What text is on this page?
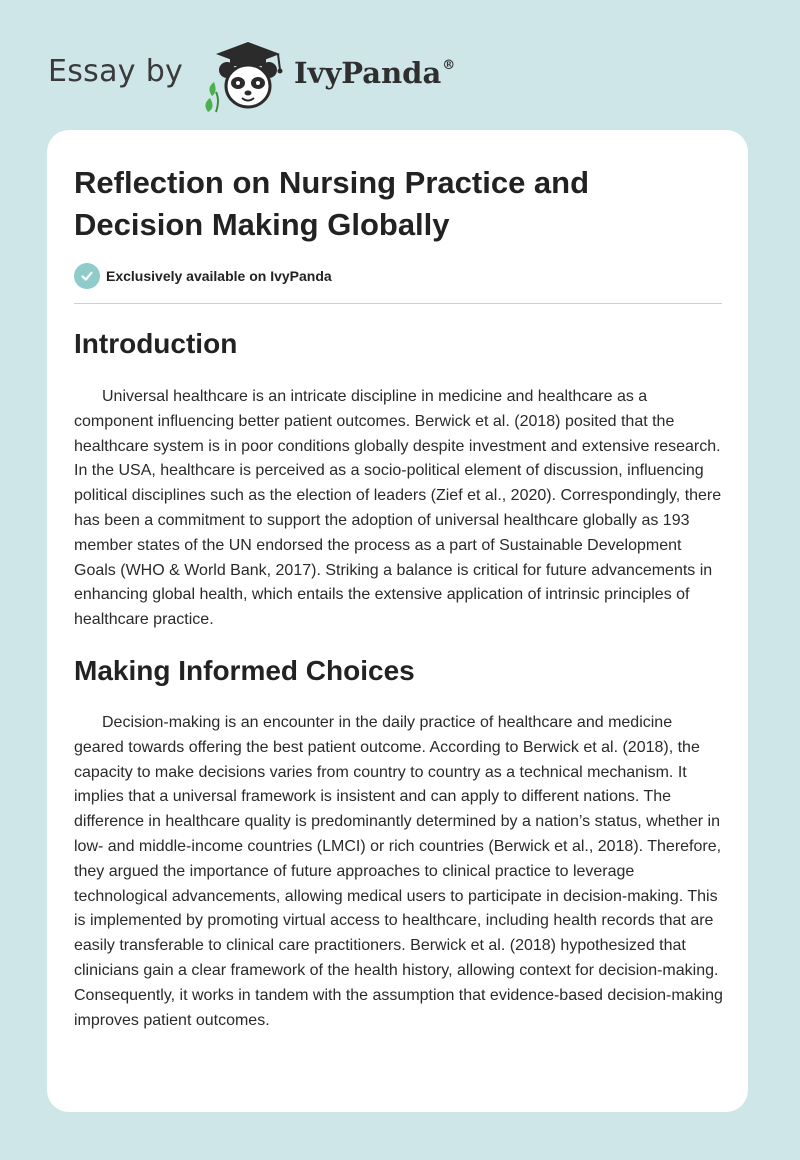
Essay by	IvyPanda®
Reflection on Nursing Practice and Decision Making Globally
Exclusively available on IvyPanda
Introduction

Universal healthcare is an intricate discipline in medicine and healthcare as a component influencing better patient outcomes. Berwick et al. (2018) posited that the healthcare system is in poor conditions globally despite investment and extensive research. In the USA, healthcare is perceived as a socio-political element of discussion, influencing political disciplines such as the election of leaders (Zief et al., 2020). Correspondingly, there has been a commitment to support the adoption of universal healthcare globally as 193 member states of the UN endorsed the process as a part of Sustainable Development Goals (WHO & World Bank, 2017). Striking a balance is critical for future advancements in enhancing global health, which entails the extensive application of intrinsic principles of healthcare practice.

Making Informed Choices

Decision-making is an encounter in the daily practice of healthcare and medicine geared towards offering the best patient outcome. According to Berwick et al. (2018), the capacity to make decisions varies from country to country as a technical mechanism. It implies that a universal framework is insistent and can apply to different nations. The difference in healthcare quality is predominantly determined by a nation’s status, whether in low- and middle-income countries (LMCI) or rich countries (Berwick et al., 2018). Therefore, they argued the importance of future approaches to clinical practice to leverage technological advancements, allowing medical users to participate in decision-making. This is implemented by promoting virtual access to healthcare, including health records that are easily transferable to clinical care practitioners. Berwick et al. (2018) hypothesized that clinicians gain a clear framework of the health history, allowing context for decision-making. Consequently, it works in tandem with the assumption that evidence-based decision-making improves patient outcomes.
